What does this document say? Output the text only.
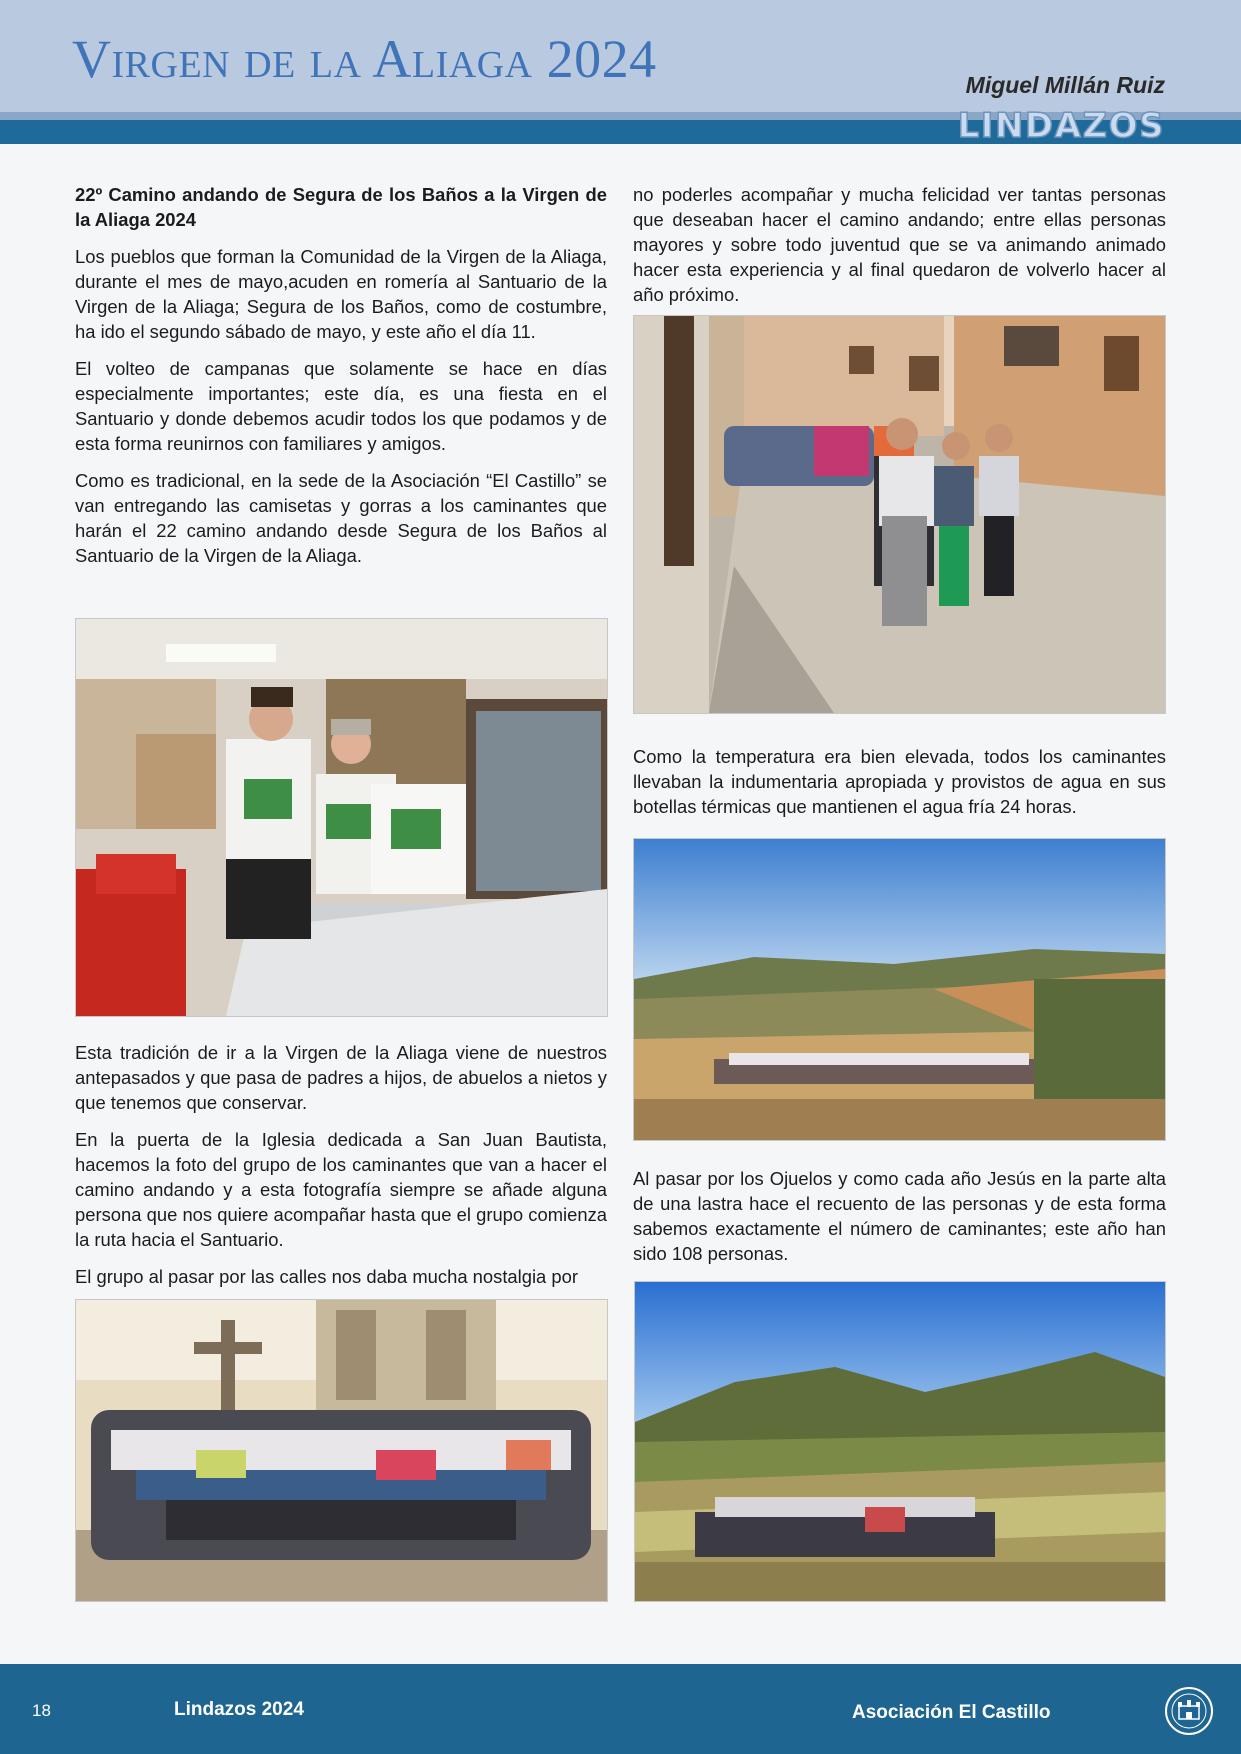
Virgen de la Aliaga 2024	Miguel Millán Ruiz
LINDAZOS
22º Camino andando de Segura de los Baños a la Virgen de la Aliaga 2024

Los pueblos que forman la Comunidad de la Virgen de la Aliaga, durante el mes de mayo,acuden en romería al Santuario de la Virgen de la Aliaga; Segura de los Baños, como de costumbre, ha ido el segundo sábado de mayo, y este año el día 11.

El volteo de campanas que solamente se hace en días especialmente importantes; este día, es una fiesta en el Santuario y donde debemos acudir todos los que podamos y de esta forma reunirnos con familiares y amigos.

Como es tradicional, en la sede de la Asociación “El Castillo” se van entregando las camisetas y gorras a los caminantes que harán el 22 camino andando desde Segura de los Baños al Santuario de la Virgen de la Aliaga.

Esta tradición de ir a la Virgen de la Aliaga viene de nuestros antepasados y que pasa de padres a hijos, de abuelos a nietos y que tenemos que conservar.

En la puerta de la Iglesia dedicada a San Juan Bautista, hacemos la foto del grupo de los caminantes que van a hacer el camino andando y a esta fotografía siempre se añade alguna persona que nos quiere acompañar hasta que el grupo comienza la ruta hacia el Santuario.

El grupo al pasar por las calles nos daba mucha nostalgia por

no poderles acompañar y mucha felicidad ver tantas personas que deseaban hacer el camino andando; entre ellas personas mayores y sobre todo juventud que se va animando animado hacer esta experiencia y al final quedaron de volverlo hacer al año próximo.

Como la temperatura era bien elevada, todos los caminantes llevaban la indumentaria apropiada y provistos de agua en sus botellas térmicas que mantienen el agua fría 24 horas.

Al pasar por los Ojuelos y como cada año Jesús en la parte alta de una lastra hace el recuento de las personas y de esta forma sabemos exactamente el número de caminantes; este año han sido 108 personas.

18	Lindazos 2024	Asociación El Castillo
